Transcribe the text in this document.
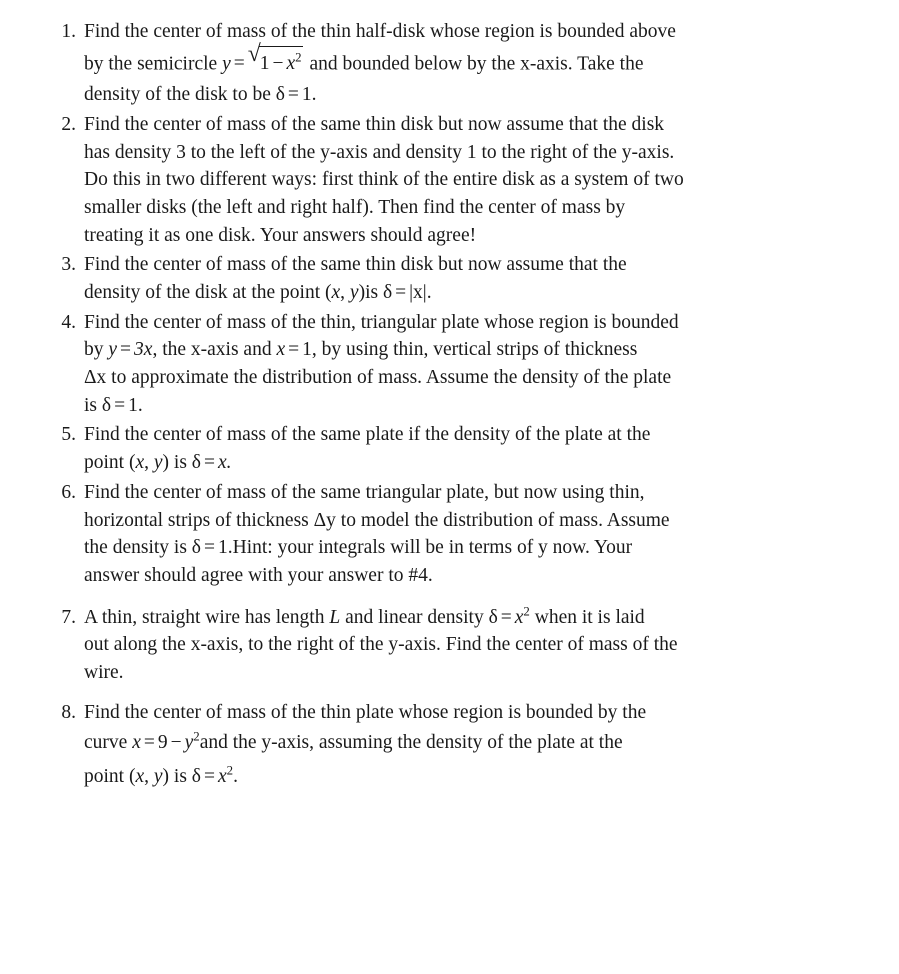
1. Find the center of mass of the thin half-disk whose region is bounded above
by the semicircle y = √ $1 - x^2$ and bounded below by the x-axis. Take the
density of the disk to be δ = 1.
2. Find the center of mass of the same thin disk but now assume that the disk
has density 3 to the left of the y-axis and density 1 to the right of the y-axis.
Do this in two different ways: first think of the entire disk as a system of two
smaller disks (the left and right half). Then find the center of mass by
treating it as one disk. Your answers should agree!
3. Find the center of mass of the same thin disk but now assume that the
density of the disk at the point (x, y)is δ = |x|.
4. Find the center of mass of the thin, triangular plate whose region is bounded
by y = 3x, the x-axis and x = 1, by using thin, vertical strips of thickness
Δx to approximate the distribution of mass. Assume the density of the plate
is δ = 1.
5. Find the center of mass of the same plate if the density of the plate at the
point (x, y) is δ = x.
6. Find the center of mass of the same triangular plate, but now using thin,
horizontal strips of thickness Δy to model the distribution of mass. Assume
the density is δ = 1.Hint: your integrals will be in terms of y now. Your
answer should agree with your answer to #4.
7. A thin, straight wire has length L and linear density $\delta = x^2$ when it is laid
out along the x-axis, to the right of the y-axis. Find the center of mass of the
wire.
8. Find the center of mass of the thin plate whose region is bounded by the
curve $x = 9 - y^2and$ the y-axis, assuming the density of the plate at the
point (x, y) is $\delta = x^2$.
